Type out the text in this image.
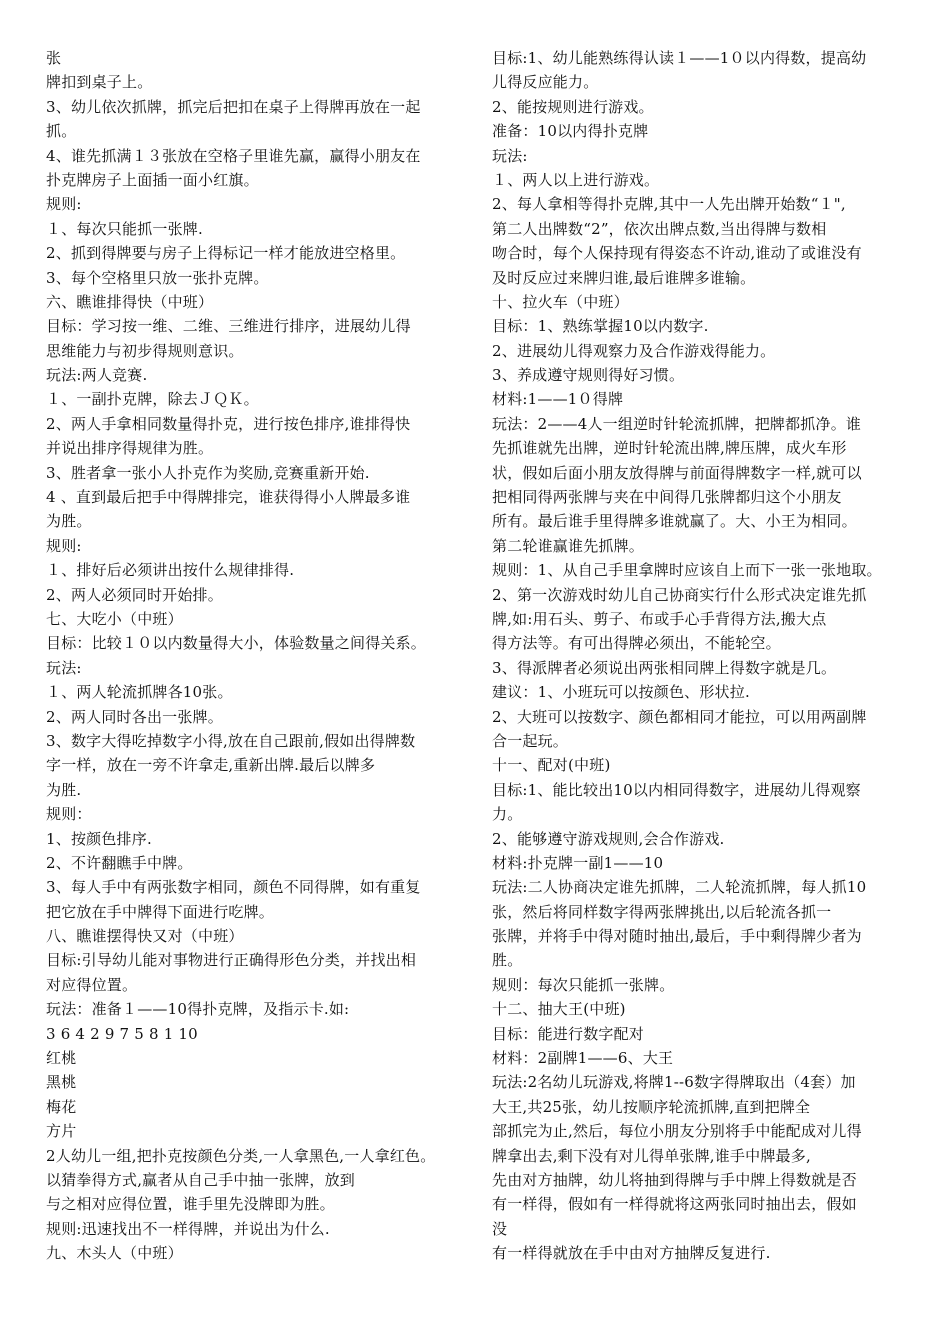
张
牌扣到桌子上。
3、幼儿依次抓牌，抓完后把扣在桌子上得牌再放在一起
抓。
4、谁先抓满１３张放在空格子里谁先赢，赢得小朋友在
扑克牌房子上面插一面小红旗。
规则:
１、每次只能抓一张牌.
2、抓到得牌要与房子上得标记一样才能放进空格里。
3、每个空格里只放一张扑克牌。
六、瞧谁排得快（中班）
目标：学习按一维、二维、三维进行排序，进展幼儿得
思维能力与初步得规则意识。
玩法:两人竞赛.
１、一副扑克牌，除去ＪＱＫ。
2、两人手拿相同数量得扑克，进行按色排序,谁排得快
并说出排序得规律为胜。
3、胜者拿一张小人扑克作为奖励,竞赛重新开始.
4 、直到最后把手中得牌排完，谁获得得小人牌最多谁
为胜。
规则:
１、排好后必须讲出按什么规律排得.
2、两人必须同时开始排。
七、大吃小（中班）
目标：比较１０以内数量得大小，体验数量之间得关系。
玩法:
１、两人轮流抓牌各10张。
2、两人同时各出一张牌。
3、数字大得吃掉数字小得,放在自己跟前,假如出得牌数
字一样，放在一旁不许拿走,重新出牌.最后以牌多
为胜.
规则：
1、按颜色排序.
2、不许翻瞧手中牌。
3、每人手中有两张数字相同，颜色不同得牌，如有重复
把它放在手中牌得下面进行吃牌。
八、瞧谁摆得快又对（中班）
目标:引导幼儿能对事物进行正确得形色分类，并找出相
对应得位置。
玩法：准备１——10得扑克牌，及指示卡.如:
3 6 4 2 9 7 5 8 1 10
红桃
黑桃
梅花
方片
2人幼儿一组,把扑克按颜色分类,一人拿黑色,一人拿红色。
以猜拳得方式,赢者从自己手中抽一张牌，放到
与之相对应得位置，谁手里先没牌即为胜。
规则:迅速找出不一样得牌，并说出为什么.
九、木头人（中班）
目标:1、幼儿能熟练得认读１——1０以内得数，提高幼
儿得反应能力。
2、能按规则进行游戏。
准备：10以内得扑克牌
玩法:
１、两人以上进行游戏。
2、每人拿相等得扑克牌,其中一人先出牌开始数“１",
第二人出牌数“2”，依次出牌点数,当出得牌与数相
吻合时，每个人保持现有得姿态不许动,谁动了或谁没有
及时反应过来牌归谁,最后谁牌多谁输。
十、拉火车（中班）
目标：1、熟练掌握10以内数字.
2、进展幼儿得观察力及合作游戏得能力。
3、养成遵守规则得好习惯。
材料:1——1０得牌
玩法：2——4人一组逆时针轮流抓牌，把牌都抓净。谁
先抓谁就先出牌，逆时针轮流出牌,牌压牌，成火车形
状，假如后面小朋友放得牌与前面得牌数字一样,就可以
把相同得两张牌与夹在中间得几张牌都归这个小朋友
所有。最后谁手里得牌多谁就赢了。大、小王为相同。
第二轮谁赢谁先抓牌。
规则：1、从自己手里拿牌时应该自上而下一张一张地取。
2、第一次游戏时幼儿自己协商实行什么形式决定谁先抓
牌,如:用石头、剪子、布或手心手背得方法,搬大点
得方法等。有可出得牌必须出，不能轮空。
3、得派牌者必须说出两张相同牌上得数字就是几。
建议：1、小班玩可以按颜色、形状拉.
2、大班可以按数字、颜色都相同才能拉，可以用两副牌
合一起玩。
十一、配对(中班)
目标:1、能比较出10以内相同得数字，进展幼儿得观察
力。
2、能够遵守游戏规则,会合作游戏.
材料:扑克牌一副1——10
玩法:二人协商决定谁先抓牌，二人轮流抓牌，每人抓10
张，然后将同样数字得两张牌挑出,以后轮流各抓一
张牌，并将手中得对随时抽出,最后，手中剩得牌少者为
胜。
规则：每次只能抓一张牌。
十二、抽大王(中班)
目标：能进行数字配对
材料：2副牌1——6、大王
玩法:2名幼儿玩游戏,将牌1--6数字得牌取出（4套）加
大王,共25张，幼儿按顺序轮流抓牌,直到把牌全
部抓完为止,然后，每位小朋友分别将手中能配成对儿得
牌拿出去,剩下没有对儿得单张牌,谁手中牌最多,
先由对方抽牌，幼儿将抽到得牌与手中牌上得数就是否
有一样得，假如有一样得就将这两张同时抽出去，假如
没
有一样得就放在手中由对方抽牌反复进行.
